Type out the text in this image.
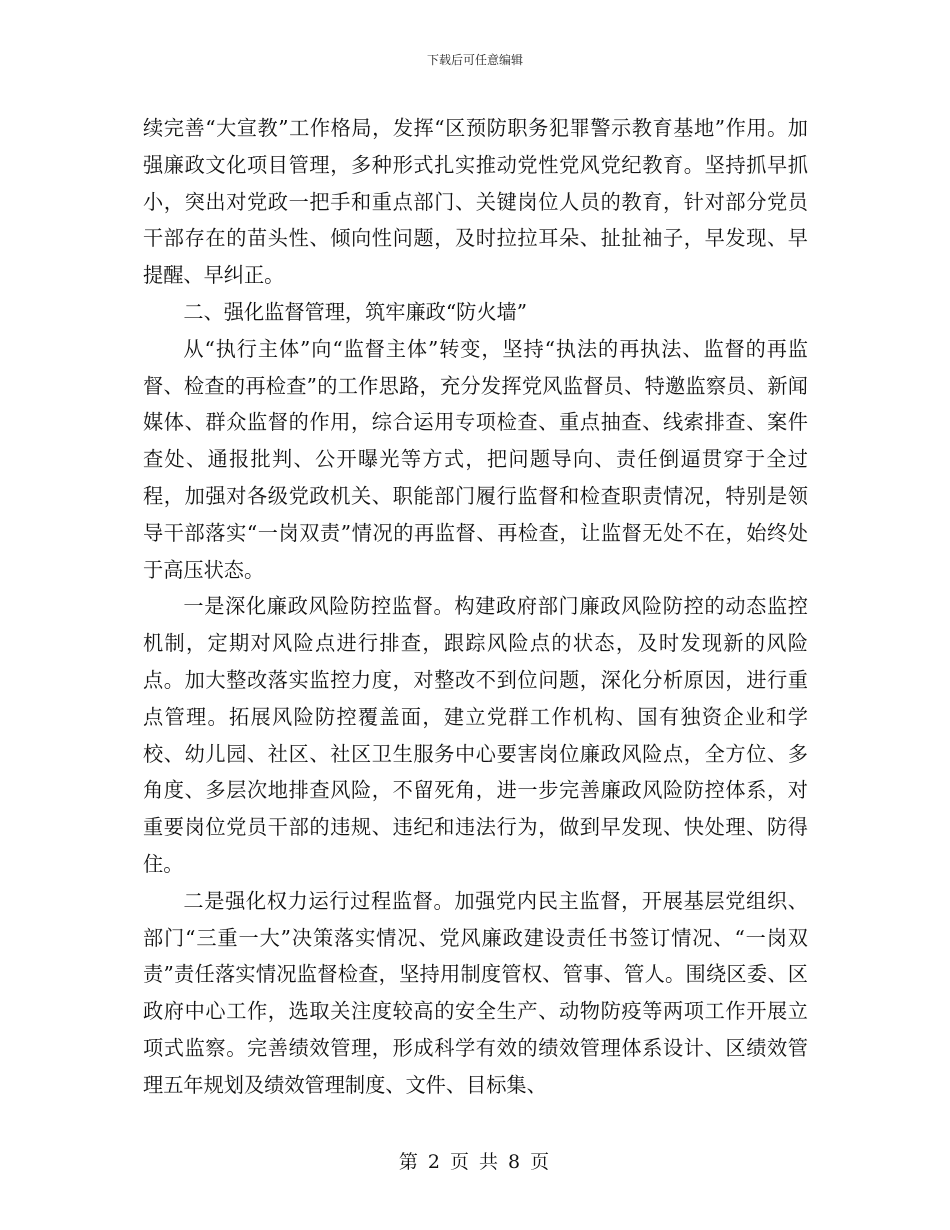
下载后可任意编辑

续完善“大宣教”工作格局，发挥“区预防职务犯罪警示教育基地”作用。加强廉政文化项目管理，多种形式扎实推动党性党风党纪教育。坚持抓早抓小，突出对党政一把手和重点部门、关键岗位人员的教育，针对部分党员干部存在的苗头性、倾向性问题，及时拉拉耳朵、扯扯袖子，早发现、早提醒、早纠正。

二、强化监督管理，筑牢廉政“防火墙”

从“执行主体”向“监督主体”转变，坚持“执法的再执法、监督的再监督、检查的再检查”的工作思路，充分发挥党风监督员、特邀监察员、新闻媒体、群众监督的作用，综合运用专项检查、重点抽查、线索排查、案件查处、通报批判、公开曝光等方式，把问题导向、责任倒逼贯穿于全过程，加强对各级党政机关、职能部门履行监督和检查职责情况，特别是领导干部落实“一岗双责”情况的再监督、再检查，让监督无处不在，始终处于高压状态。

一是深化廉政风险防控监督。构建政府部门廉政风险防控的动态监控机制，定期对风险点进行排查，跟踪风险点的状态，及时发现新的风险点。加大整改落实监控力度，对整改不到位问题，深化分析原因，进行重点管理。拓展风险防控覆盖面，建立党群工作机构、国有独资企业和学校、幼儿园、社区、社区卫生服务中心要害岗位廉政风险点，全方位、多角度、多层次地排查风险，不留死角，进一步完善廉政风险防控体系，对重要岗位党员干部的违规、违纪和违法行为，做到早发现、快处理、防得住。

二是强化权力运行过程监督。加强党内民主监督，开展基层党组织、部门“三重一大”决策落实情况、党风廉政建设责任书签订情况、“一岗双责”责任落实情况监督检查，坚持用制度管权、管事、管人。围绕区委、区政府中心工作，选取关注度较高的安全生产、动物防疫等两项工作开展立项式监察。完善绩效管理，形成科学有效的绩效管理体系设计、区绩效管理五年规划及绩效管理制度、文件、目标集、

第 2 页 共 8 页
